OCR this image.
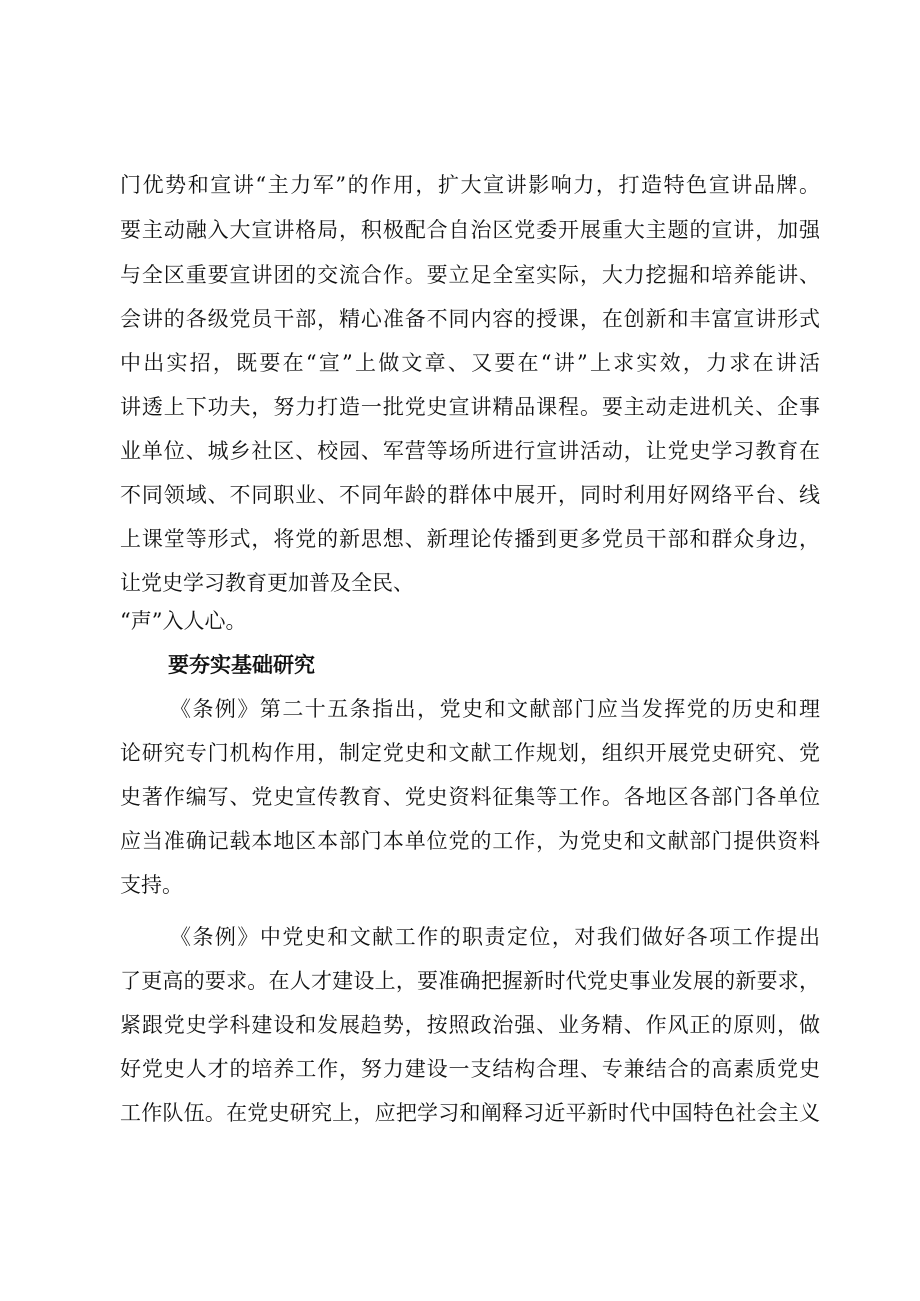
门优势和宣讲“主力军”的作用，扩大宣讲影响力，打造特色宣讲品牌。
要主动融入大宣讲格局，积极配合自治区党委开展重大主题的宣讲，加强
与全区重要宣讲团的交流合作。要立足全室实际，大力挖掘和培养能讲、
会讲的各级党员干部，精心准备不同内容的授课，在创新和丰富宣讲形式
中出实招，既要在“宣”上做文章、又要在“讲”上求实效，力求在讲活
讲透上下功夫，努力打造一批党史宣讲精品课程。要主动走进机关、企事
业单位、城乡社区、校园、军营等场所进行宣讲活动，让党史学习教育在
不同领域、不同职业、不同年龄的群体中展开，同时利用好网络平台、线
上课堂等形式，将党的新思想、新理论传播到更多党员干部和群众身边，
让党史学习教育更加普及全民、
“声”入人心。
要夯实基础研究
《条例》第二十五条指出，党史和文献部门应当发挥党的历史和理
论研究专门机构作用，制定党史和文献工作规划，组织开展党史研究、党
史著作编写、党史宣传教育、党史资料征集等工作。各地区各部门各单位
应当准确记载本地区本部门本单位党的工作，为党史和文献部门提供资料
支持。
《条例》中党史和文献工作的职责定位，对我们做好各项工作提出
了更高的要求。在人才建设上，要准确把握新时代党史事业发展的新要求，
紧跟党史学科建设和发展趋势，按照政治强、业务精、作风正的原则，做
好党史人才的培养工作，努力建设一支结构合理、专兼结合的高素质党史
工作队伍。在党史研究上，应把学习和阐释习近平新时代中国特色社会主义
